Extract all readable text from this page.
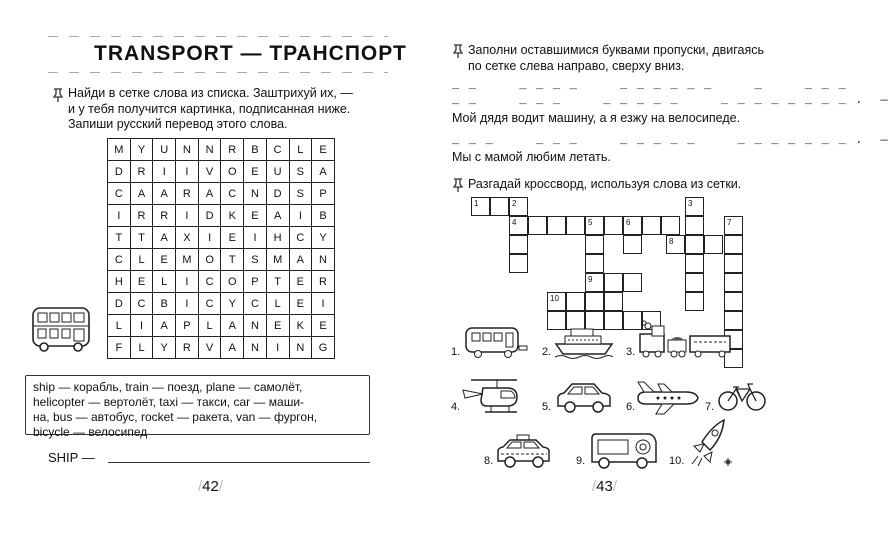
TRANSPORT — ТРАНСПОРТ
Найди в сетке слова из списка. Заштрихуй их, —
и у тебя получится картинка, подписанная ниже.
Запиши русский перевод этого слова.
M	Y	U	N	N	R	B	C	L	E
D	R	I	I	V	O	E	U	S	A
C	A	A	R	A	C	N	D	S	P
I	R	R	I	D	K	E	A	I	B
T	T	A	X	I	E	I	H	C	Y
C	L	E	M	O	T	S	M	A	N
H	E	L	I	C	O	P	T	E	R
D	C	B	I	C	Y	C	L	E	I
L	I	A	P	L	A	N	E	K	E
F	L	Y	R	V	A	N	I	N	G
ship — корабль, train — поезд, plane — самолёт,
helicopter — вертолёт, taxi — такси, car — маши-
на, bus — автобус, rocket — ракета, van — фургон,
bicycle — велосипед
SHIP —
/42/
Заполни оставшимися буквами пропуски, двигаясь
по сетке слева направо, сверху вниз.
_ _     _ _ _ _     _ _ _ _ _ _     _     _ _ _
_ _     _ _ _     _ _ _ _ _     _ _ _ _ _ _ _ _ .  —
Мой дядя водит машину, а я езжу на велосипеде.
_ _ _     _ _ _     _ _ _ _ _     _ _ _ _ _ _ _ .  —
Мы с мамой любим летать.
Разгадай кроссворд, используя слова из сетки.
1	2
4	5	6
9
3
8
7
10
1.	2.	3.
4.	5.	6.	7.
8.	9.	10.
/43/
